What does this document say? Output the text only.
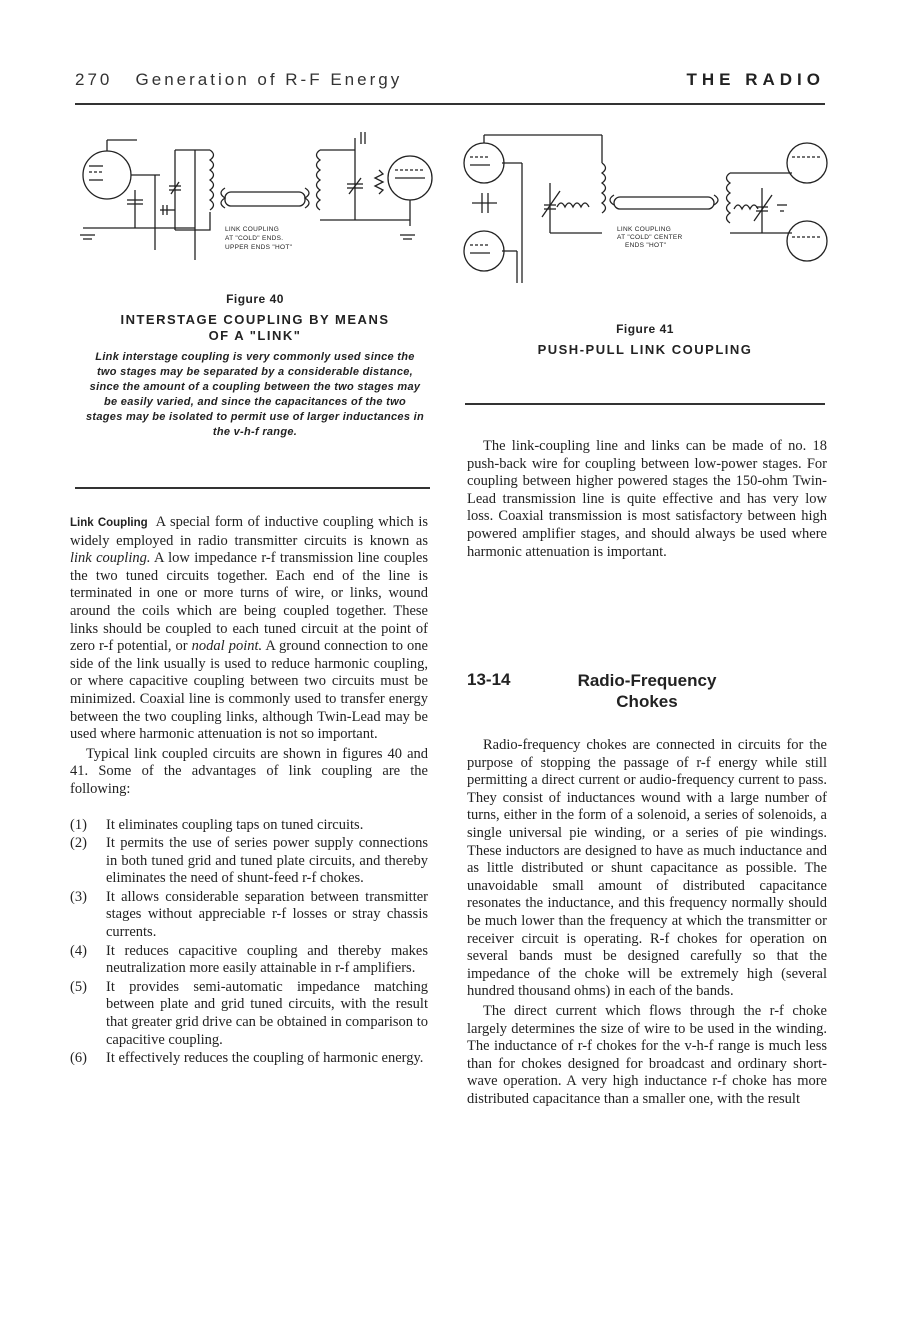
270 Generation of R-F Energy	THE RADIO
LINK COUPLING
AT "COLD" ENDS.
UPPER ENDS "HOT"
Figure 40
INTERSTAGE COUPLING BY MEANS
OF A "LINK"
Link interstage coupling is very commonly used since the two stages may be separated by a considerable distance, since the amount of a coupling between the two stages may be easily varied, and since the capacitances of the two stages may be isolated to permit use of larger inductances in the v-h-f range.
LINK COUPLING
AT "COLD" CENTER
ENDS "HOT"
Figure 41
PUSH-PULL LINK COUPLING

Link Coupling A special form of inductive coupling which is widely employed in radio transmitter circuits is known as link coupling. A low impedance r-f transmission line couples the two tuned circuits together. Each end of the line is terminated in one or more turns of wire, or links, wound around the coils which are being coupled together. These links should be coupled to each tuned circuit at the point of zero r-f potential, or nodal point. A ground connection to one side of the link usually is used to reduce harmonic coupling, or where capacitive coupling between two circuits must be minimized. Coaxial line is commonly used to transfer energy between the two coupling links, although Twin-Lead may be used where harmonic attenuation is not so important.

Typical link coupled circuits are shown in figures 40 and 41. Some of the advantages of link coupling are the following:

(1) It eliminates coupling taps on tuned circuits.
(2) It permits the use of series power supply connections in both tuned grid and tuned plate circuits, and thereby eliminates the need of shunt-feed r-f chokes.
(3) It allows considerable separation between transmitter stages without appreciable r-f losses or stray chassis currents.
(4) It reduces capacitive coupling and thereby makes neutralization more easily attainable in r-f amplifiers.
(5) It provides semi-automatic impedance matching between plate and grid tuned circuits, with the result that greater grid drive can be obtained in comparison to capacitive coupling.
(6) It effectively reduces the coupling of harmonic energy.

The link-coupling line and links can be made of no. 18 push-back wire for coupling between low-power stages. For coupling between higher powered stages the 150-ohm Twin-Lead transmission line is quite effective and has very low loss. Coaxial transmission is most satisfactory between high powered amplifier stages, and should always be used where harmonic attenuation is important.

13-14	Radio-Frequency
Chokes

Radio-frequency chokes are connected in circuits for the purpose of stopping the passage of r-f energy while still permitting a direct current or audio-frequency current to pass. They consist of inductances wound with a large number of turns, either in the form of a solenoid, a series of solenoids, a single universal pie winding, or a series of pie windings. These inductors are designed to have as much inductance and as little distributed or shunt capacitance as possible. The unavoidable small amount of distributed capacitance resonates the inductance, and this frequency normally should be much lower than the frequency at which the transmitter or receiver circuit is operating. R-f chokes for operation on several bands must be designed carefully so that the impedance of the choke will be extremely high (several hundred thousand ohms) in each of the bands.

The direct current which flows through the r-f choke largely determines the size of wire to be used in the winding. The inductance of r-f chokes for the v-h-f range is much less than for chokes designed for broadcast and ordinary short-wave operation. A very high inductance r-f choke has more distributed capacitance than a smaller one, with the result
